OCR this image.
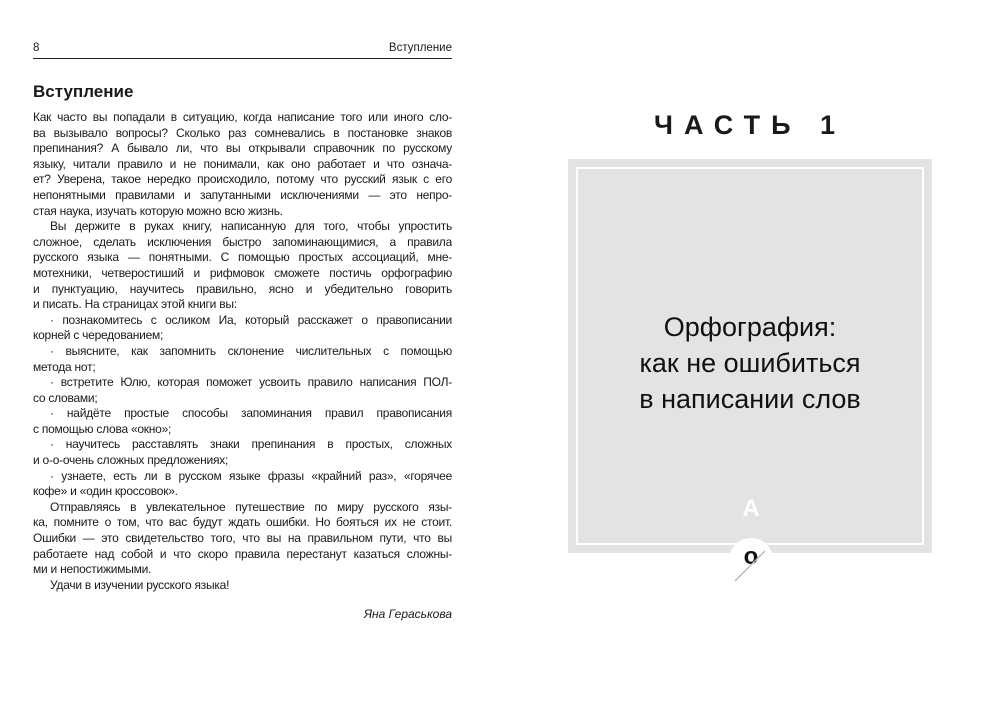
8	Вступление
Вступление
Как часто вы попадали в ситуацию, когда написание того или иного сло-
ва вызывало вопросы? Сколько раз сомневались в постановке знаков
препинания? А бывало ли, что вы открывали справочник по русскому
языку, читали правило и не понимали, как оно работает и что означа-
ет? Уверена, такое нередко происходило, потому что русский язык с его
непонятными правилами и запутанными исключениями — это непро-
стая наука, изучать которую можно всю жизнь.
Вы держите в руках книгу, написанную для того, чтобы упростить
сложное, сделать исключения быстро запоминающимися, а правила
русского языка — понятными. С помощью простых ассоциаций, мне-
мотехники, четверостиший и рифмовок сможете постичь орфографию
и пунктуацию, научитесь правильно, ясно и убедительно говорить
и писать. На страницах этой книги вы:
· познакомитесь с осликом Иа, который расскажет о правописании
корней с чередованием;
· выясните, как запомнить склонение числительных с помощью
метода нот;
· встретите Юлю, которая поможет усвоить правило написания ПОЛ-
со словами;
· найдёте простые способы запоминания правил правописания
с помощью слова «окно»;
· научитесь расставлять знаки препинания в простых, сложных
и о-о-очень сложных предложениях;
· узнаете, есть ли в русском языке фразы «крайний раз», «горячее
кофе» и «один кроссовок».
Отправляясь в увлекательное путешествие по миру русского язы-
ка, помните о том, что вас будут ждать ошибки. Но бояться их не стоит.
Ошибки — это свидетельство того, что вы на правильном пути, что вы
работаете над собой и что скоро правила перестанут казаться сложны-
ми и непостижимыми.
Удачи в изучении русского языка!
Яна Гераськова
ЧАСТЬ 1
Орфография:
как не ошибиться
в написании слов
А
о
